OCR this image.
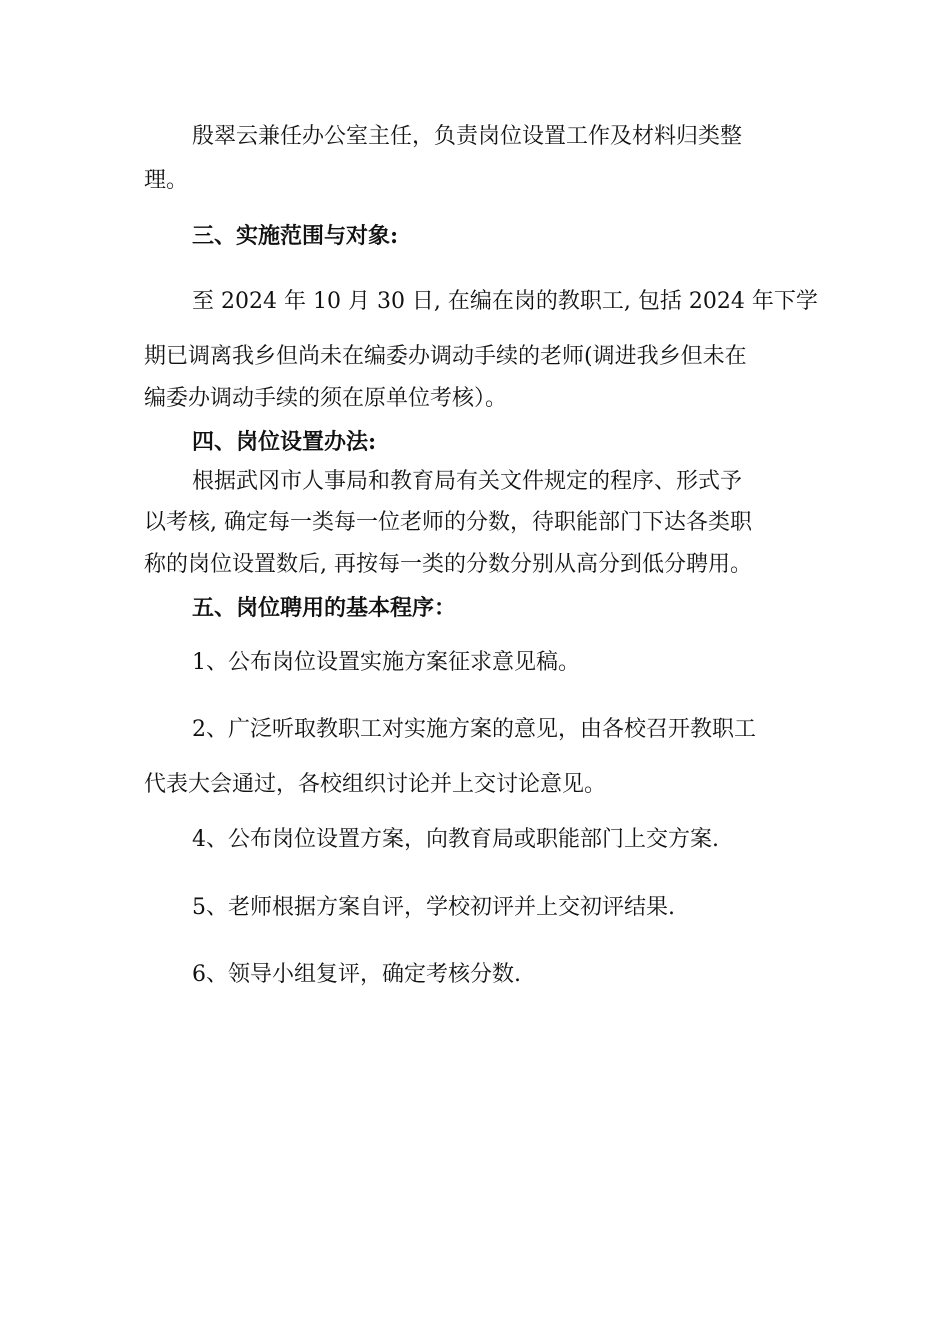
殷翠云兼任办公室主任，负责岗位设置工作及材料归类整
理。
三、实施范围与对象:
至 2024 年 10 月 30 日, 在编在岗的教职工, 包括 2024 年下学
期已调离我乡但尚未在编委办调动手续的老师(调进我乡但未在
编委办调动手续的须在原单位考核）。
四、岗位设置办法:
根据武冈市人事局和教育局有关文件规定的程序、形式予
以考核, 确定每一类每一位老师的分数，待职能部门下达各类职
称的岗位设置数后, 再按每一类的分数分别从高分到低分聘用。
五、岗位聘用的基本程序：
1、公布岗位设置实施方案征求意见稿。
2、广泛听取教职工对实施方案的意见，由各校召开教职工
代表大会通过，各校组织讨论并上交讨论意见。
4、公布岗位设置方案，向教育局或职能部门上交方案.
5、老师根据方案自评，学校初评并上交初评结果.
6、领导小组复评，确定考核分数.
